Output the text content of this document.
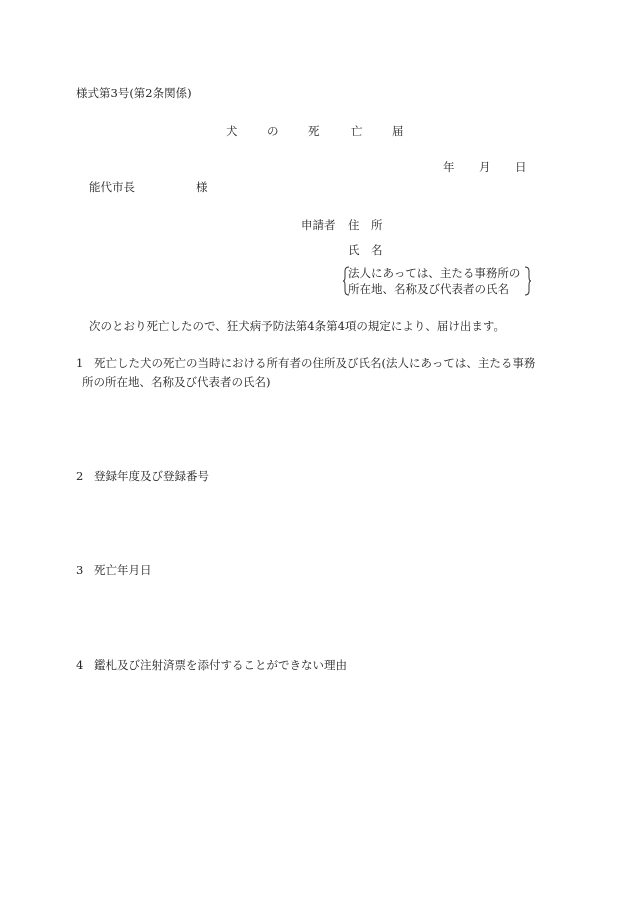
様式第3号(第2条関係)
犬	の	死	亡	届
年 月 日
能代市長	様
申請者 住　所
氏　名
法人にあっては、主たる事務所の
所在地、名称及び代表者の氏名
次のとおり死亡したので、狂犬病予防法第4条第4項の規定により、届け出ます。
1 死亡した犬の死亡の当時における所有者の住所及び氏名(法人にあっては、主たる事務
所の所在地、名称及び代表者の氏名)
2 登録年度及び登録番号
3 死亡年月日
4 鑑札及び注射済票を添付することができない理由
